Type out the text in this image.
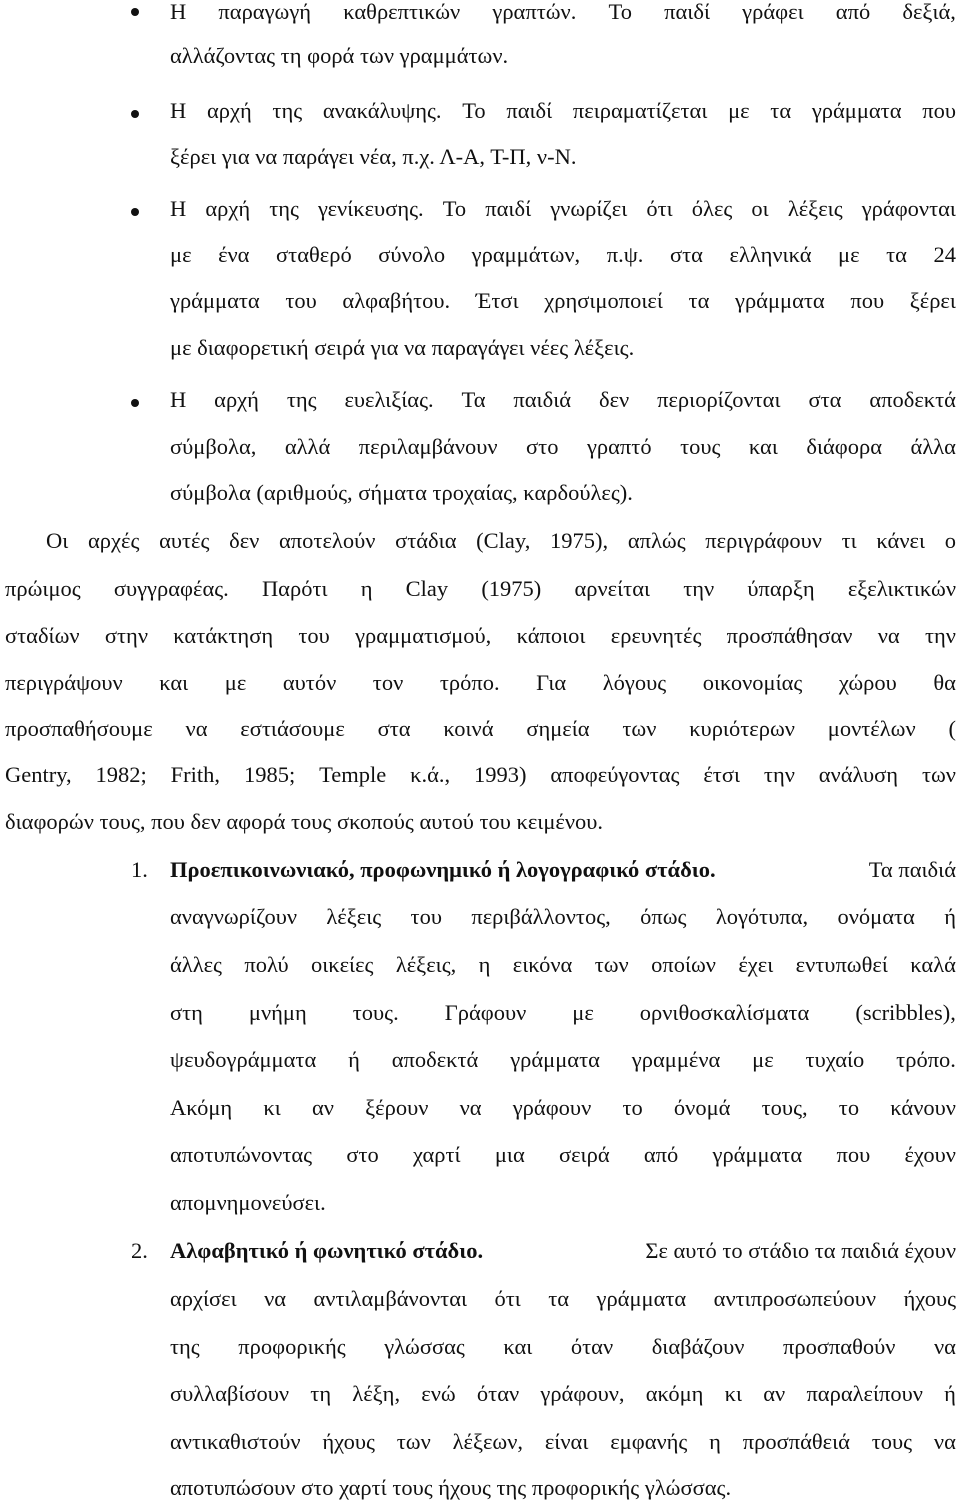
Η παραγωγή καθρεπτικών γραπτών. Το παιδί γράφει από δεξιά,
αλλάζοντας τη φορά των γραμμάτων.
Η αρχή της ανακάλυψης. Το παιδί πειραματίζεται με τα γράμματα που
ξέρει για να παράγει νέα, π.χ. Λ-Α, Τ-Π, ν-Ν.
Η αρχή της γενίκευσης. Το παιδί γνωρίζει ότι όλες οι λέξεις γράφονται
με ένα σταθερό σύνολο γραμμάτων, π.ψ. στα ελληνικά με τα 24
γράμματα του αλφαβήτου. Έτσι χρησιμοποιεί τα γράμματα που ξέρει
με διαφορετική σειρά για να παραγάγει νέες λέξεις.
Η αρχή της ευελιξίας. Τα παιδιά δεν περιορίζονται στα αποδεκτά
σύμβολα, αλλά περιλαμβάνουν στο γραπτό τους και διάφορα άλλα
σύμβολα (αριθμούς, σήματα τροχαίας, καρδούλες).
Οι αρχές αυτές δεν αποτελούν στάδια (Clay, 1975), απλώς περιγράφουν τι κάνει ο
πρώιμος συγγραφέας. Παρότι η Clay (1975) αρνείται την ύπαρξη εξελικτικών
σταδίων στην κατάκτηση του γραμματισμού, κάποιοι ερευνητές προσπάθησαν να την
περιγράψουν και με αυτόν τον τρόπο. Για λόγους οικονομίας χώρου θα
προσπαθήσουμε να εστιάσουμε στα κοινά σημεία των κυριότερων μοντέλων (
Gentry, 1982; Frith, 1985; Temple κ.ά., 1993) αποφεύγοντας έτσι την ανάλυση των
διαφορών τους, που δεν αφορά τους σκοπούς αυτού του κειμένου.
1. Προεπικοινωνιακό, προφωνημικό ή λογογραφικό στάδιο.	Τα παιδιά
αναγνωρίζουν λέξεις του περιβάλλοντος, όπως λογότυπα, ονόματα ή
άλλες πολύ οικείες λέξεις, η εικόνα των οποίων έχει εντυπωθεί καλά
στη μνήμη τους. Γράφουν με ορνιθοσκαλίσματα (scribbles),
ψευδογράμματα ή αποδεκτά γράμματα γραμμένα με τυχαίο τρόπο.
Ακόμη κι αν ξέρουν να γράφουν το όνομά τους, το κάνουν
αποτυπώνοντας στο χαρτί μια σειρά από γράμματα που έχουν
απομνημονεύσει.
2. Αλφαβητικό ή φωνητικό στάδιο.	Σε αυτό το στάδιο τα παιδιά έχουν
αρχίσει να αντιλαμβάνονται ότι τα γράμματα αντιπροσωπεύουν ήχους
της προφορικής γλώσσας και όταν διαβάζουν προσπαθούν να
συλλαβίσουν τη λέξη, ενώ όταν γράφουν, ακόμη κι αν παραλείπουν ή
αντικαθιστούν ήχους των λέξεων, είναι εμφανής η προσπάθειά τους να
αποτυπώσουν στο χαρτί τους ήχους της προφορικής γλώσσας.
